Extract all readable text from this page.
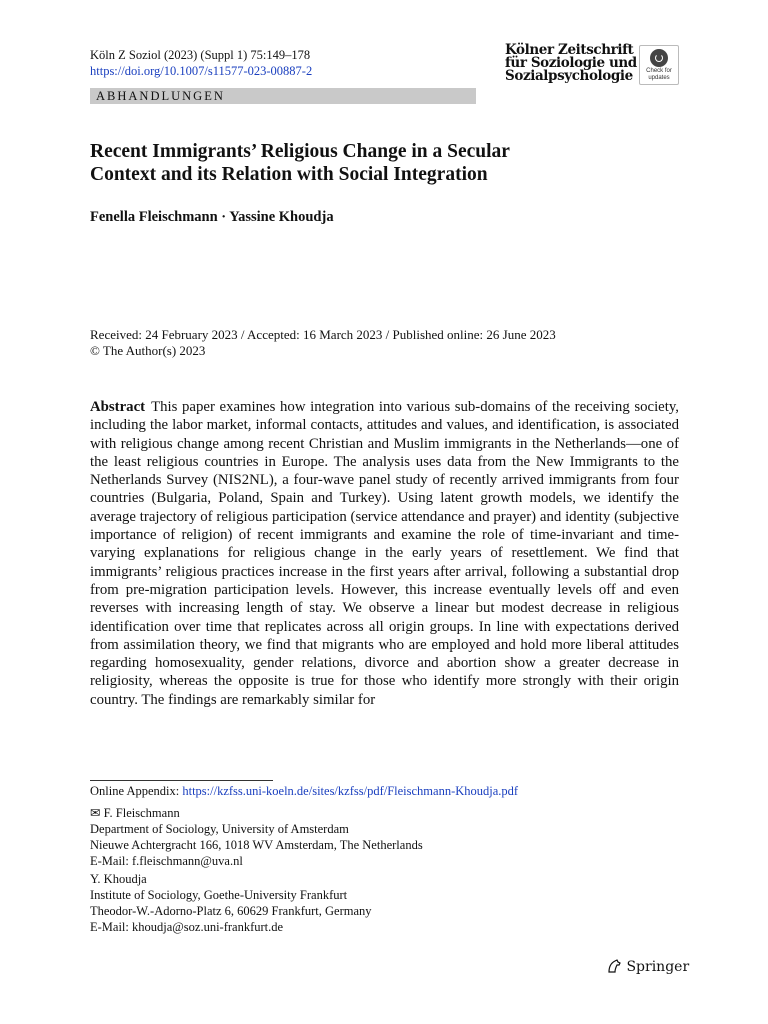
Köln Z Soziol (2023) (Suppl 1) 75:149–178
https://doi.org/10.1007/s11577-023-00887-2
Kölner Zeitschrift
für Soziologie und
Sozialpsychologie	Check for
updates
ABHANDLUNGEN
Recent Immigrants’ Religious Change in a Secular
Context and its Relation with Social Integration
Fenella Fleischmann · Yassine Khoudja
Received: 24 February 2023 / Accepted: 16 March 2023 / Published online: 26 June 2023
© The Author(s) 2023
Abstract This paper examines how integration into various sub-domains of the receiving society, including the labor market, informal contacts, attitudes and values, and identification, is associated with religious change among recent Christian and Muslim immigrants in the Netherlands—one of the least religious countries in Europe. The analysis uses data from the New Immigrants to the Netherlands Survey (NIS2NL), a four-wave panel study of recently arrived immigrants from four countries (Bulgaria, Poland, Spain and Turkey). Using latent growth models, we identify the average trajectory of religious participation (service attendance and prayer) and identity (subjective importance of religion) of recent immigrants and examine the role of time-invariant and time-varying explanations for religious change in the early years of resettlement. We find that immigrants’ religious practices increase in the first years after arrival, following a substantial drop from pre-migration participation levels. However, this increase eventually levels off and even reverses with increasing length of stay. We observe a linear but modest decrease in religious identification over time that replicates across all origin groups. In line with expectations derived from assimilation theory, we find that migrants who are employed and hold more liberal attitudes regarding homosexuality, gender relations, divorce and abortion show a greater decrease in religiosity, whereas the opposite is true for those who identify more strongly with their origin country. The findings are remarkably similar for
Online Appendix: https://kzfss.uni-koeln.de/sites/kzfss/pdf/Fleischmann-Khoudja.pdf
✉ F. Fleischmann
Department of Sociology, University of Amsterdam
Nieuwe Achtergracht 166, 1018 WV Amsterdam, The Netherlands
E-Mail: f.fleischmann@uva.nl
Y. Khoudja
Institute of Sociology, Goethe-University Frankfurt
Theodor-W.-Adorno-Platz 6, 60629 Frankfurt, Germany
E-Mail: khoudja@soz.uni-frankfurt.de
Springer
